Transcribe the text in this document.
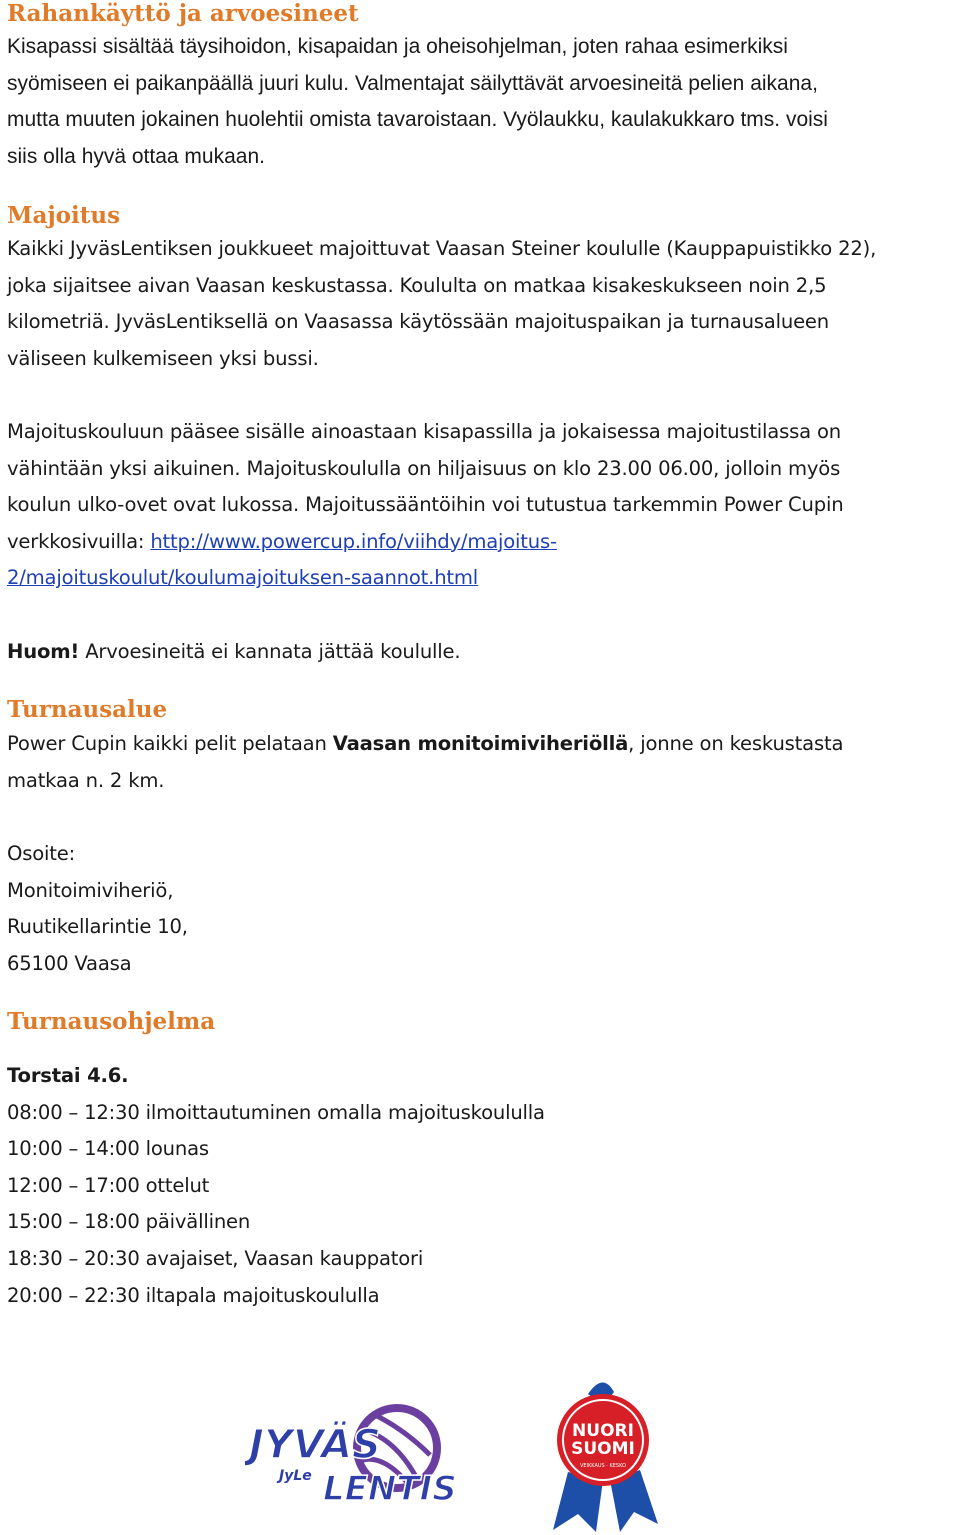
Rahankäyttö ja arvoesineet

Kisapassi sisältää täysihoidon, kisapaidan ja oheisohjelman, joten rahaa esimerkiksi

syömiseen ei paikanpäällä juuri kulu. Valmentajat säilyttävät arvoesineitä pelien aikana,

mutta muuten jokainen huolehtii omista tavaroistaan. Vyölaukku, kaulakukkaro tms. voisi

siis olla hyvä ottaa mukaan.

Majoitus

Kaikki JyväsLentiksen joukkueet majoittuvat Vaasan Steiner koululle (Kauppapuistikko 22),

joka sijaitsee aivan Vaasan keskustassa. Koululta on matkaa kisakeskukseen noin 2,5

kilometriä. JyväsLentiksellä on Vaasassa käytössään majoituspaikan ja turnausalueen

väliseen kulkemiseen yksi bussi.

Majoituskouluun pääsee sisälle ainoastaan kisapassilla ja jokaisessa majoitustilassa on

vähintään yksi aikuinen. Majoituskoululla on hiljaisuus on klo 23.00 06.00, jolloin myös

koulun ulko-ovet ovat lukossa. Majoitussääntöihin voi tutustua tarkemmin Power Cupin

verkkosivuilla: http://www.powercup.info/viihdy/majoitus-

2/majoituskoulut/koulumajoituksen-saannot.html

Huom! Arvoesineitä ei kannata jättää koululle.

Turnausalue

Power Cupin kaikki pelit pelataan Vaasan monitoimiviheriöllä, jonne on keskustasta

matkaa n. 2 km.

Osoite:

Monitoimiviheriö,

Ruutikellarintie 10,

65100 Vaasa

Turnausohjelma

Torstai 4.6.

08:00 – 12:30 ilmoittautuminen omalla majoituskoululla

10:00 – 14:00 lounas

12:00 – 17:00 ottelut

15:00 – 18:00 päivällinen

18:30 – 20:30 avajaiset, Vaasan kauppatori

20:00 – 22:30 iltapala majoituskoululla

JYVÄS
JyLe LENTIS
NUORI
SUOMI
VEIKKAUS · KESKO
